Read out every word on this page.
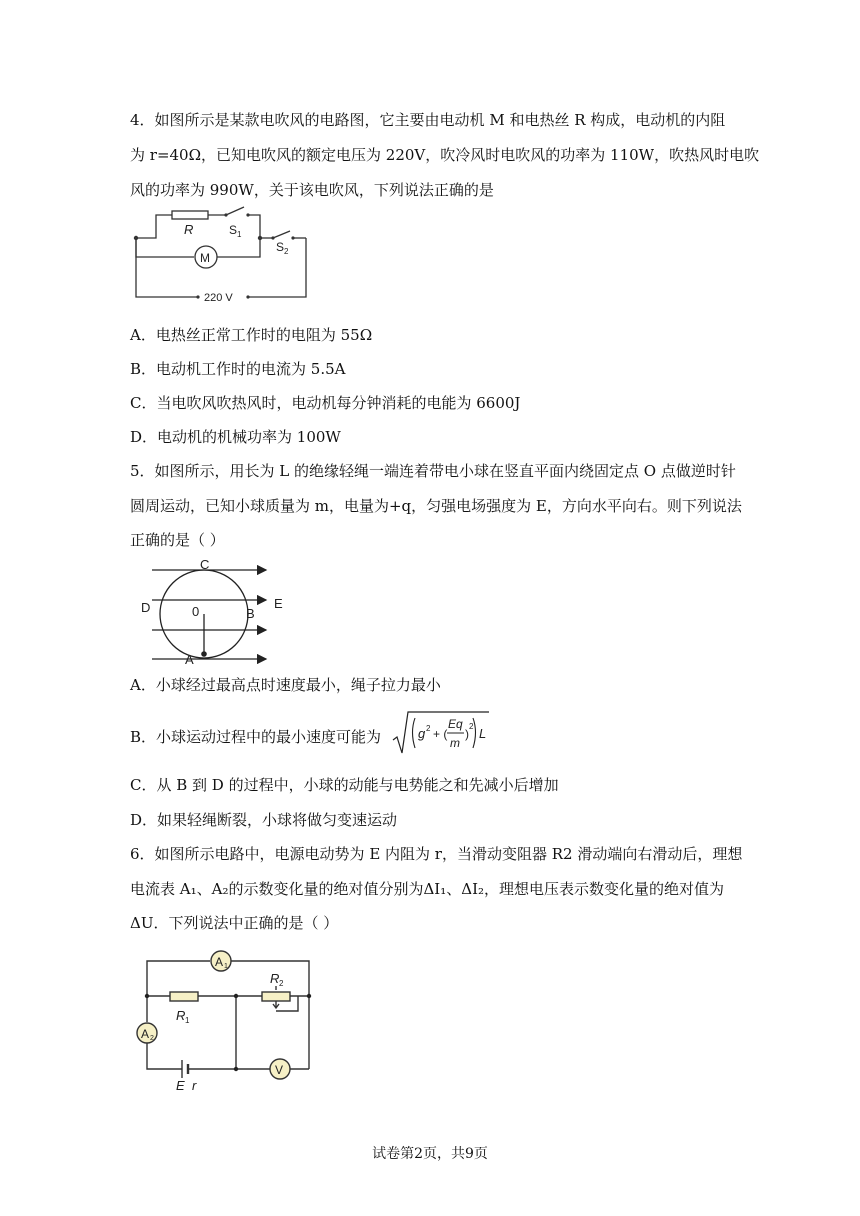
4．如图所示是某款电吹风的电路图，它主要由电动机 M 和电热丝 R 构成，电动机的内阻
为 r=40Ω，已知电吹风的额定电压为 220V，吹冷风时电吹风的功率为 110W，吹热风时电吹
风的功率为 990W，关于该电吹风，下列说法正确的是
R	S 1
M
S 2
220 V
A．电热丝正常工作时的电阻为 55Ω
B．电动机工作时的电流为 5.5A
C．当电吹风吹热风时，电动机每分钟消耗的电能为 6600J
D．电动机的机械功率为 100W
5．如图所示，用长为 L 的绝缘轻绳一端连着带电小球在竖直平面内绕固定点 O 点做逆时针
圆周运动，已知小球质量为 m，电量为+q，匀强电场强度为 E，方向水平向右。则下列说法
正确的是（ ）
C
D	0	B
E
A
A．小球经过最高点时速度最小，绳子拉力最小
B．小球运动过程中的最小速度可能为	g 2 + (
Eq
m
)
2 L
C．从 B 到 D 的过程中，小球的动能与电势能之和先减小后增加
D．如果轻绳断裂，小球将做匀变速运动
6．如图所示电路中，电源电动势为 E 内阻为 r，当滑动变阻器 R2 滑动端向右滑动后，理想
电流表 A₁、A₂的示数变化量的绝对值分别为ΔI₁、ΔI₂，理想电压表示数变化量的绝对值为
ΔU．下列说法中正确的是（ ）
A 1
R 2
R 1
A 2
V
E r
试卷第2页，共9页
